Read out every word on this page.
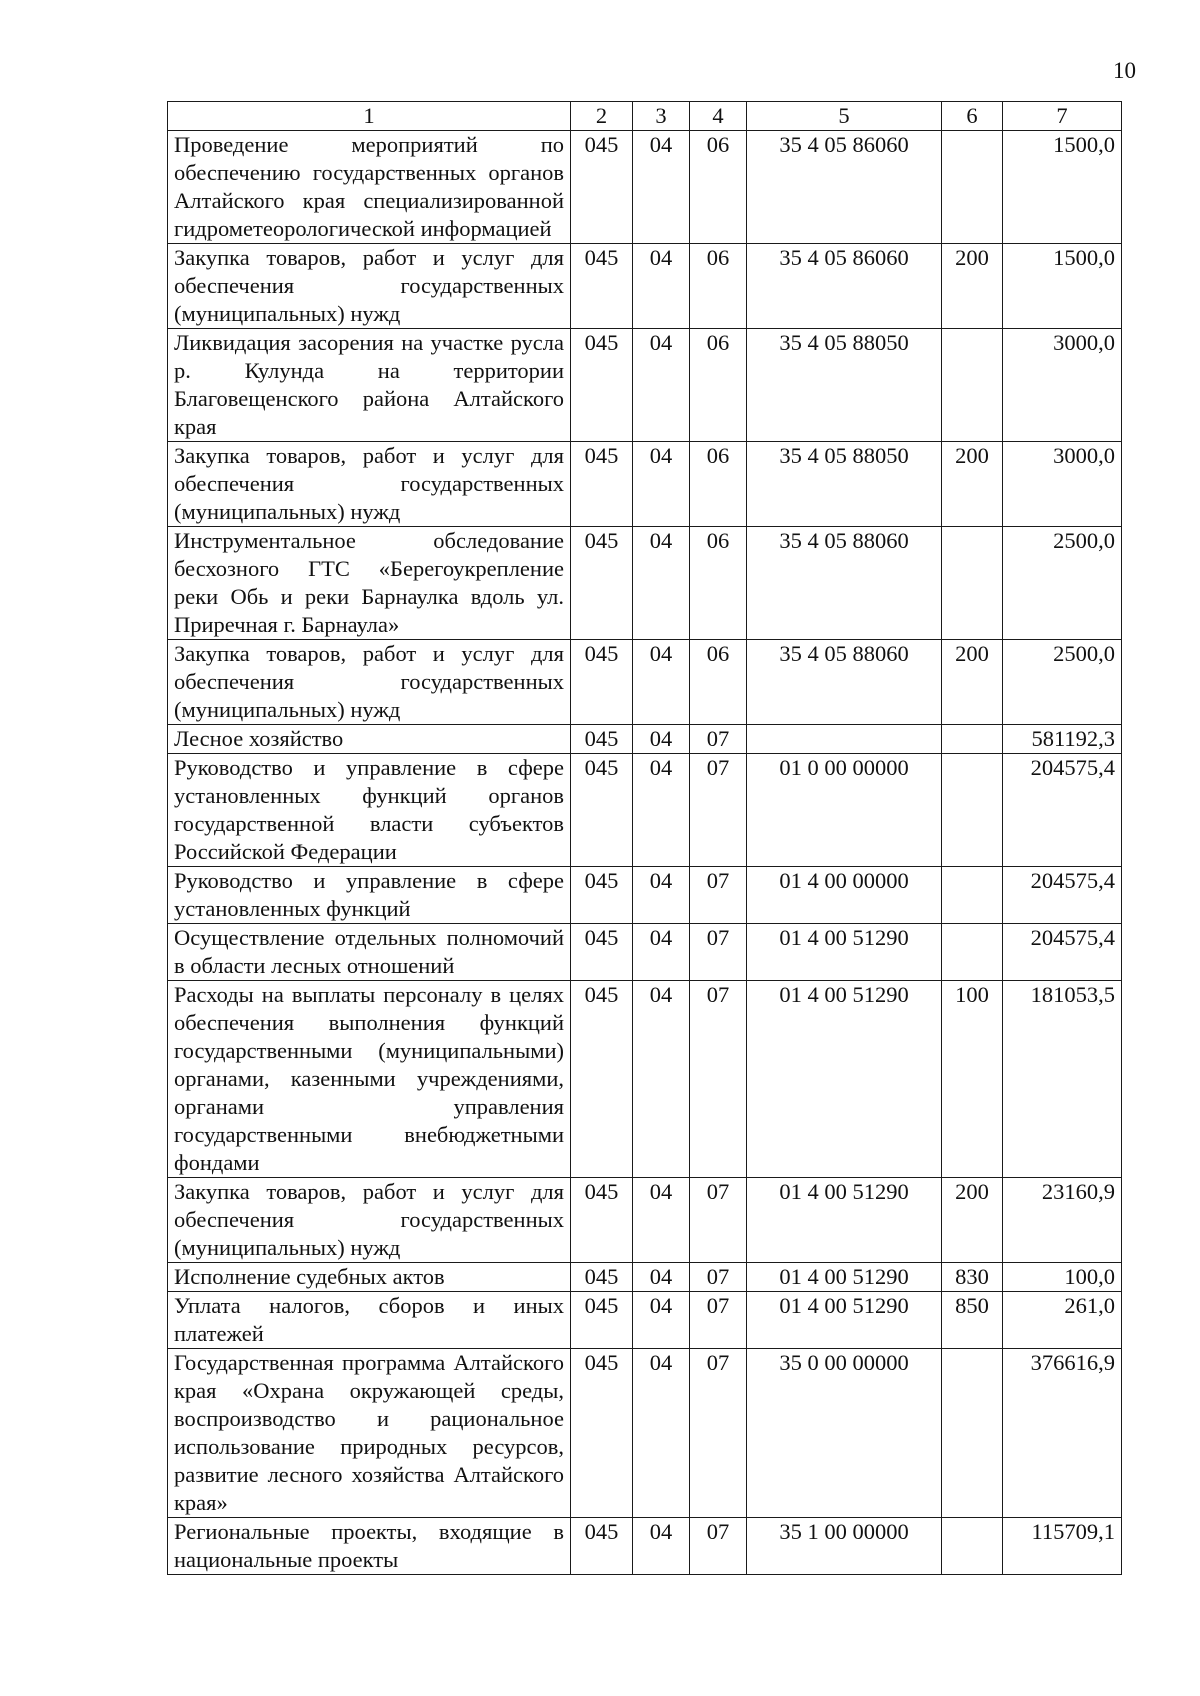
10
1	2	3	4	5	6	7
Проведение мероприятий по обеспечению государственных органов Алтайского края специализированной гидрометеорологической информацией	045	04	06	35 4 05 86060		1500,0
Закупка товаров, работ и услуг для обеспечения государственных (муниципальных) нужд	045	04	06	35 4 05 86060	200	1500,0
Ликвидация засорения на участке русла р. Кулунда на территории Благовещенского района Алтайского края	045	04	06	35 4 05 88050		3000,0
Закупка товаров, работ и услуг для обеспечения государственных (муниципальных) нужд	045	04	06	35 4 05 88050	200	3000,0
Инструментальное обследование бесхозного ГТС «Берегоукрепление реки Обь и реки Барнаулка вдоль ул. Приречная г. Барнаула»	045	04	06	35 4 05 88060		2500,0
Закупка товаров, работ и услуг для обеспечения государственных (муниципальных) нужд	045	04	06	35 4 05 88060	200	2500,0
Лесное хозяйство	045	04	07			581192,3
Руководство и управление в сфере установленных функций органов государственной власти субъектов Российской Федерации	045	04	07	01 0 00 00000		204575,4
Руководство и управление в сфере установленных функций	045	04	07	01 4 00 00000		204575,4
Осуществление отдельных полномочий в области лесных отношений	045	04	07	01 4 00 51290		204575,4
Расходы на выплаты персоналу в целях обеспечения выполнения функций государственными (муниципальными) органами, казенными учреждениями, органами управления государственными внебюджетными фондами	045	04	07	01 4 00 51290	100	181053,5
Закупка товаров, работ и услуг для обеспечения государственных (муниципальных) нужд	045	04	07	01 4 00 51290	200	23160,9
Исполнение судебных актов	045	04	07	01 4 00 51290	830	100,0
Уплата налогов, сборов и иных платежей	045	04	07	01 4 00 51290	850	261,0
Государственная программа Алтайского края «Охрана окружающей среды, воспроизводство и рациональное использование природных ресурсов, развитие лесного хозяйства Алтайского края»	045	04	07	35 0 00 00000		376616,9
Региональные проекты, входящие в национальные проекты	045	04	07	35 1 00 00000		115709,1
